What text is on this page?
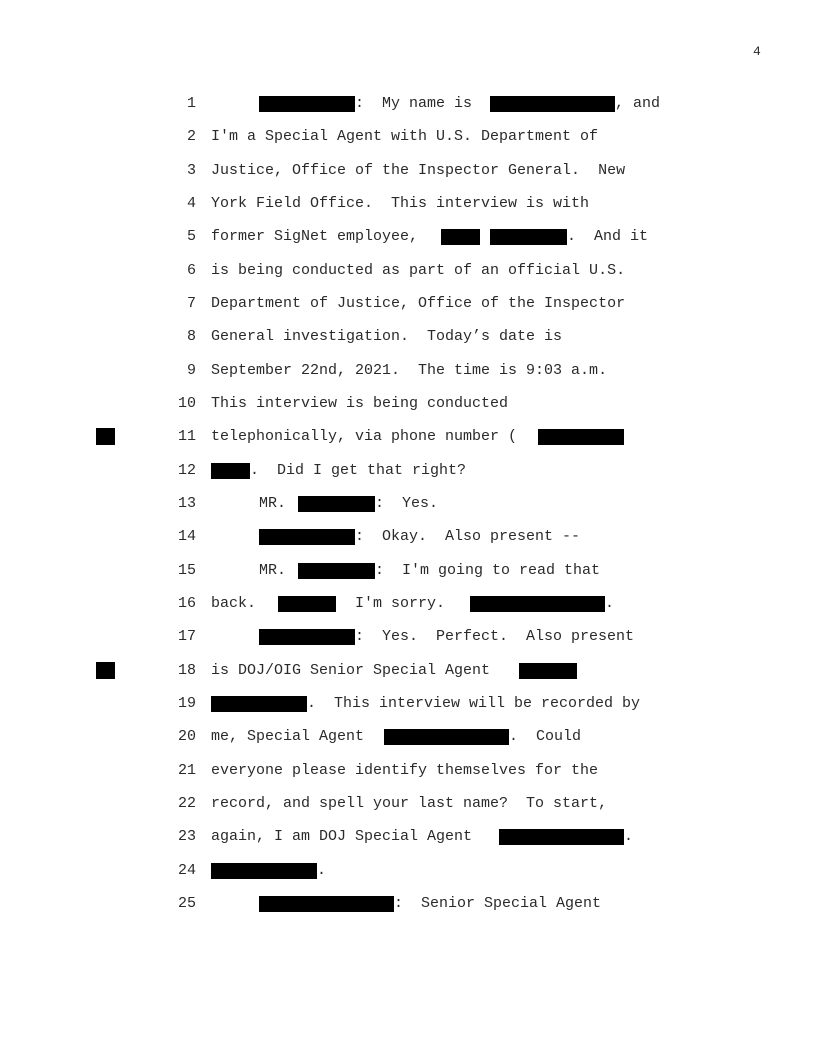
4
1	:  My name is	, and
2 I'm a Special Agent with U.S. Department of
3 Justice, Office of the Inspector General.  New
4 York Field Office.  This interview is with
5 former SigNet employee,	.  And it
6 is being conducted as part of an official U.S.
7 Department of Justice, Office of the Inspector
8 General investigation.  Today’s date is
9 September 22nd, 2021.  The time is 9:03 a.m.
10 This interview is being conducted
11 telephonically, via phone number (
12	.  Did I get that right?
13	MR.	:  Yes.
14	:  Okay.  Also present --
15	MR.	:  I'm going to read that
16 back.	I'm sorry.	.
17	:  Yes.  Perfect.  Also present
18 is DOJ/OIG Senior Special Agent
19	.  This interview will be recorded by
20 me, Special Agent	.  Could
21 everyone please identify themselves for the
22 record, and spell your last name?  To start,
23 again, I am DOJ Special Agent	.
24	.
25	:  Senior Special Agent
